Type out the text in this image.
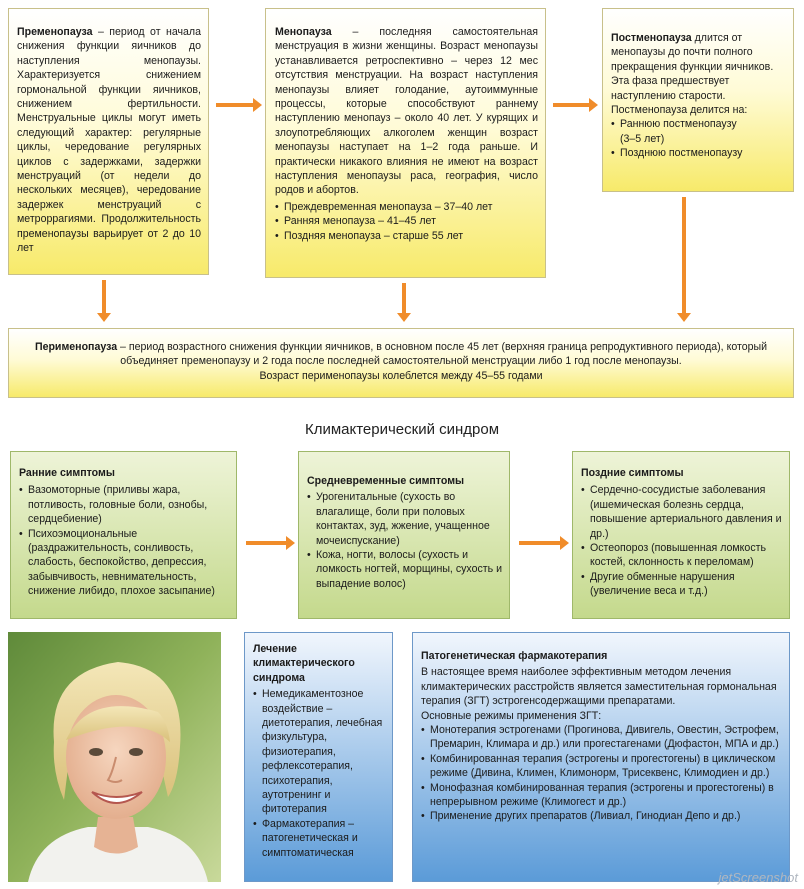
Пременопауза – период от начала снижения функции яичников до наступления менопаузы. Характеризуется снижением гормональной функции яичников, снижением фертильности. Менструальные циклы могут иметь следующий характер: регулярные циклы, чередование регулярных циклов с задержками, задержки менструаций (от недели до нескольких месяцев), чередование задержек менструаций с метроррагиями. Продолжительность пременопаузы варьирует от 2 до 10 лет
Менопауза – последняя самостоятельная менструация в жизни женщины. Возраст менопаузы устанавливается ретроспективно – через 12 мес отсутствия менструации. На возраст наступления менопаузы влияет голодание, аутоиммунные процессы, которые способствуют раннему наступлению менопауз – около 40 лет. У курящих и злоупотребляющих алкоголем женщин возраст менопаузы наступает на 1–2 года раньше. И практически никакого влияния не имеют на возраст наступления менопаузы раса, география, число родов и абортов.
• Преждевременная менопауза – 37–40 лет
• Ранняя менопауза – 41–45 лет
• Поздняя менопауза – старше 55 лет
Постменопауза длится от менопаузы до почти полного прекращения функции яичников. Эта фаза предшествует наступлению старости.
Постменопауза делится на:
• Раннюю постменопаузу (3–5 лет)
• Позднюю постменопаузу
Перименопауза – период возрастного снижения функции яичников, в основном после 45 лет (верхняя граница репродуктивного периода), который объединяет пременопаузу и 2 года после последней самостоятельной менструации либо 1 год после менопаузы.
Возраст перименопаузы колеблется между 45–55 годами
Климактерический синдром
Ранние симптомы
• Вазомоторные (приливы жара, потливость, головные боли, ознобы, сердцебиение)
• Психоэмоциональные (раздражительность, сонливость, слабость, беспокойство, депрессия, забывчивость, невнимательность, снижение либидо, плохое засыпание)
Средневременные симптомы
• Урогенитальные (сухость во влагалище, боли при половых контактах, зуд, жжение, учащенное мочеиспускание)
• Кожа, ногти, волосы (сухость и ломкость ногтей, морщины, сухость и выпадение волос)
Поздние симптомы
• Сердечно-сосудистые заболевания (ишемическая болезнь сердца, повышение артериального давления и др.)
• Остеопороз (повышенная ломкость костей, склонность к переломам)
• Другие обменные нарушения (увеличение веса и т.д.)
Лечение климактерического синдрома
• Немедикаментозное воздействие – диетотерапия, лечебная физкультура, физиотерапия, рефлексотерапия, психотерапия, аутотренинг и фитотерапия
• Фармакотерапия – патогенетическая и симптоматическая
Патогенетическая фармакотерапия
В настоящее время наиболее эффективным методом лечения климактерических расстройств является заместительная гормональная терапия (ЗГТ) эстрогенсодержащими препаратами.
Основные режимы применения ЗГТ:
• Монотерапия эстрогенами (Прогинова, Дивигель, Овестин, Эстрофем, Премарин, Климара и др.) или прогестагенами (Дюфастон, МПА и др.)
• Комбинированная терапия (эстрогены и прогестогены) в циклическом режиме (Дивина, Климен, Климонорм, Трисеквенс, Климодиен и др.)
• Монофазная комбинированная терапия (эстрогены и прогестогены) в непрерывном режиме (Климогест и др.)
• Применение других препаратов (Ливиал, Гинодиан Депо и др.)
jetScreenshot
